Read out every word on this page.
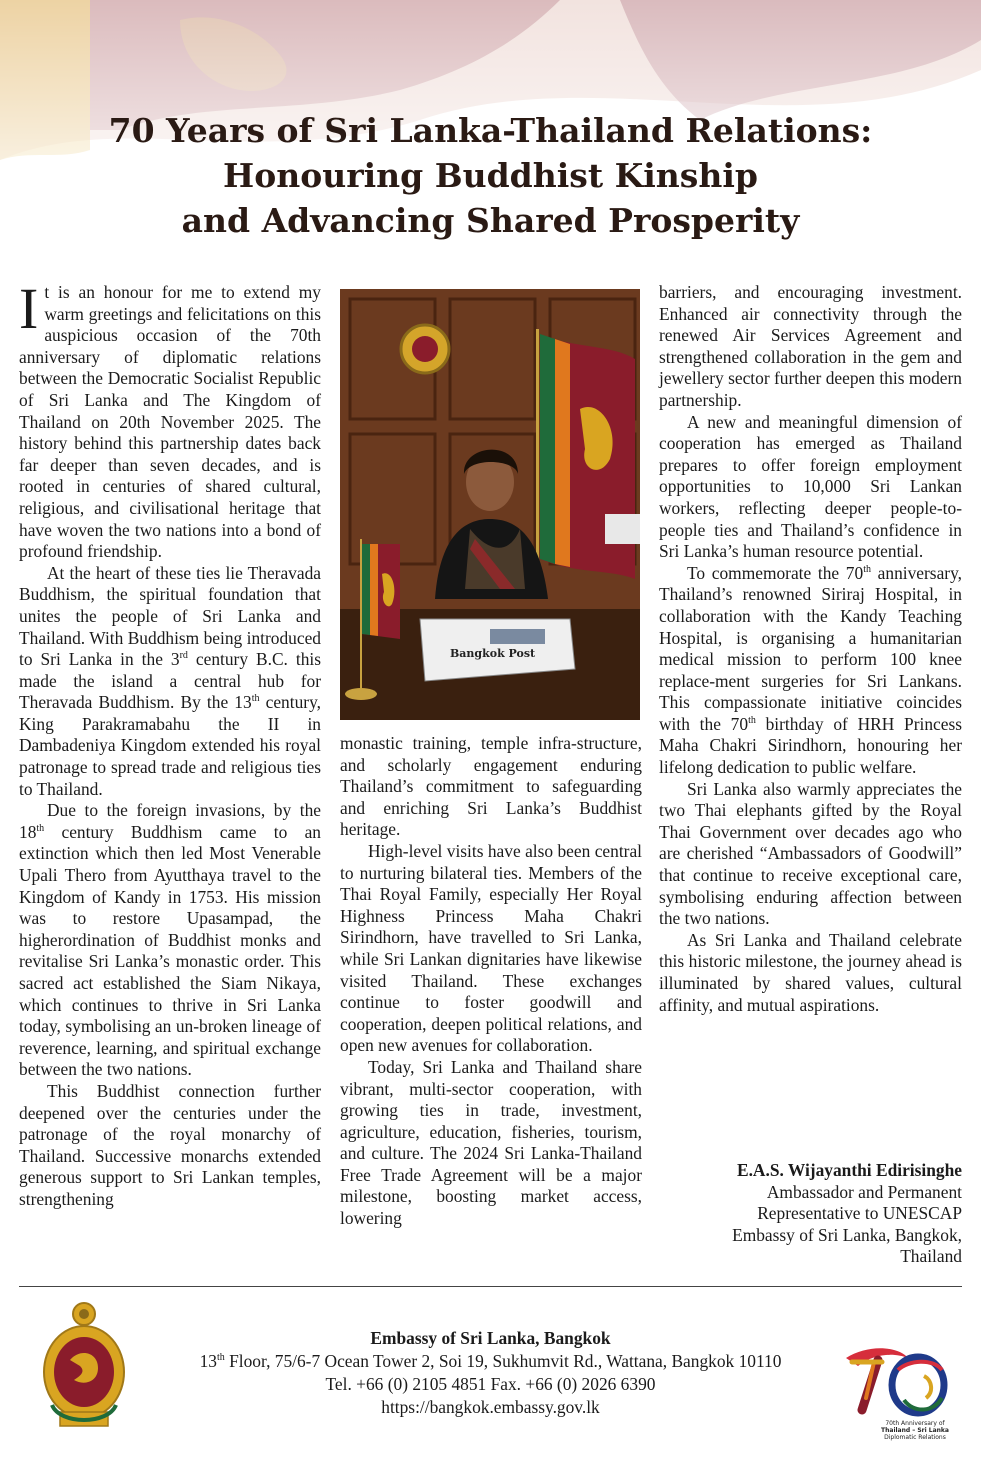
70 Years of Sri Lanka-Thailand Relations:
Honouring Buddhist Kinship
and Advancing Shared Prosperity

It is an honour for me to extend my warm greetings and felicitations on this auspicious occasion of the 70th anniversary of diplomatic relations between the Democratic Socialist Republic of Sri Lanka and The Kingdom of Thailand on 20th November 2025. The history behind this partnership dates back far deeper than seven decades, and is rooted in centuries of shared cultural, religious, and civilisational heritage that have woven the two nations into a bond of profound friendship.

At the heart of these ties lie Theravada Buddhism, the spiritual foundation that unites the people of Sri Lanka and Thailand. With Buddhism being introduced to Sri Lanka in the 3rd century B.C. this made the island a central hub for Theravada Buddhism. By the 13th century, King Parakramabahu the II in Dambadeniya Kingdom extended his royal patronage to spread trade and religious ties to Thailand.

Due to the foreign invasions, by the 18th century Buddhism came to an extinction which then led Most Venerable Upali Thero from Ayutthaya travel to the Kingdom of Kandy in 1753. His mission was to restore Upasampad, the higherordination of Buddhist monks and revitalise Sri Lanka’s monastic order. This sacred act established the Siam Nikaya, which continues to thrive in Sri Lanka today, symbolising an un-broken lineage of reverence, learning, and spiritual exchange between the two nations.

This Buddhist connection further deepened over the centuries under the patronage of the royal monarchy of Thailand. Successive monarchs extended generous support to Sri Lankan temples, strengthening

Bangkok Post

monastic training, temple infra-structure, and scholarly engagement enduring Thailand’s commitment to safeguarding and enriching Sri Lanka’s Buddhist heritage.

High-level visits have also been central to nurturing bilateral ties. Members of the Thai Royal Family, especially Her Royal Highness Princess Maha Chakri Sirindhorn, have travelled to Sri Lanka, while Sri Lankan dignitaries have likewise visited Thailand. These exchanges continue to foster goodwill and cooperation, deepen political relations, and open new avenues for collaboration.

Today, Sri Lanka and Thailand share vibrant, multi-sector cooperation, with growing ties in trade, investment, agriculture, education, fisheries, tourism, and culture. The 2024 Sri Lanka-Thailand Free Trade Agreement will be a major milestone, boosting market access, lowering

barriers, and encouraging investment. Enhanced air connectivity through the renewed Air Services Agreement and strengthened collaboration in the gem and jewellery sector further deepen this modern partnership.

A new and meaningful dimension of cooperation has emerged as Thailand prepares to offer foreign employment opportunities to 10,000 Sri Lankan workers, reflecting deeper people-to-people ties and Thailand’s confidence in Sri Lanka’s human resource potential.

To commemorate the 70th anniversary, Thailand’s renowned Siriraj Hospital, in collaboration with the Kandy Teaching Hospital, is organising a humanitarian medical mission to perform 100 knee replace-ment surgeries for Sri Lankans. This compassionate initiative coincides with the 70th birthday of HRH Princess Maha Chakri Sirindhorn, honouring her lifelong dedication to public welfare.

Sri Lanka also warmly appreciates the two Thai elephants gifted by the Royal Thai Government over decades ago who are cherished “Ambassadors of Goodwill” that continue to receive exceptional care, symbolising enduring affection between the two nations.

As Sri Lanka and Thailand celebrate this historic milestone, the journey ahead is illuminated by shared values, cultural affinity, and mutual aspirations.

E.A.S. Wijayanthi Edirisinghe
Ambassador and Permanent
Representative to UNESCAP
Embassy of Sri Lanka, Bangkok,
Thailand
Embassy of Sri Lanka, Bangkok
13th Floor, 75/6-7 Ocean Tower 2, Soi 19, Sukhumvit Rd., Wattana, Bangkok 10110
Tel. +66 (0) 2105 4851 Fax. +66 (0) 2026 6390
https://bangkok.embassy.gov.lk
70th Anniversary of
Thailand – Sri Lanka
Diplomatic Relations
